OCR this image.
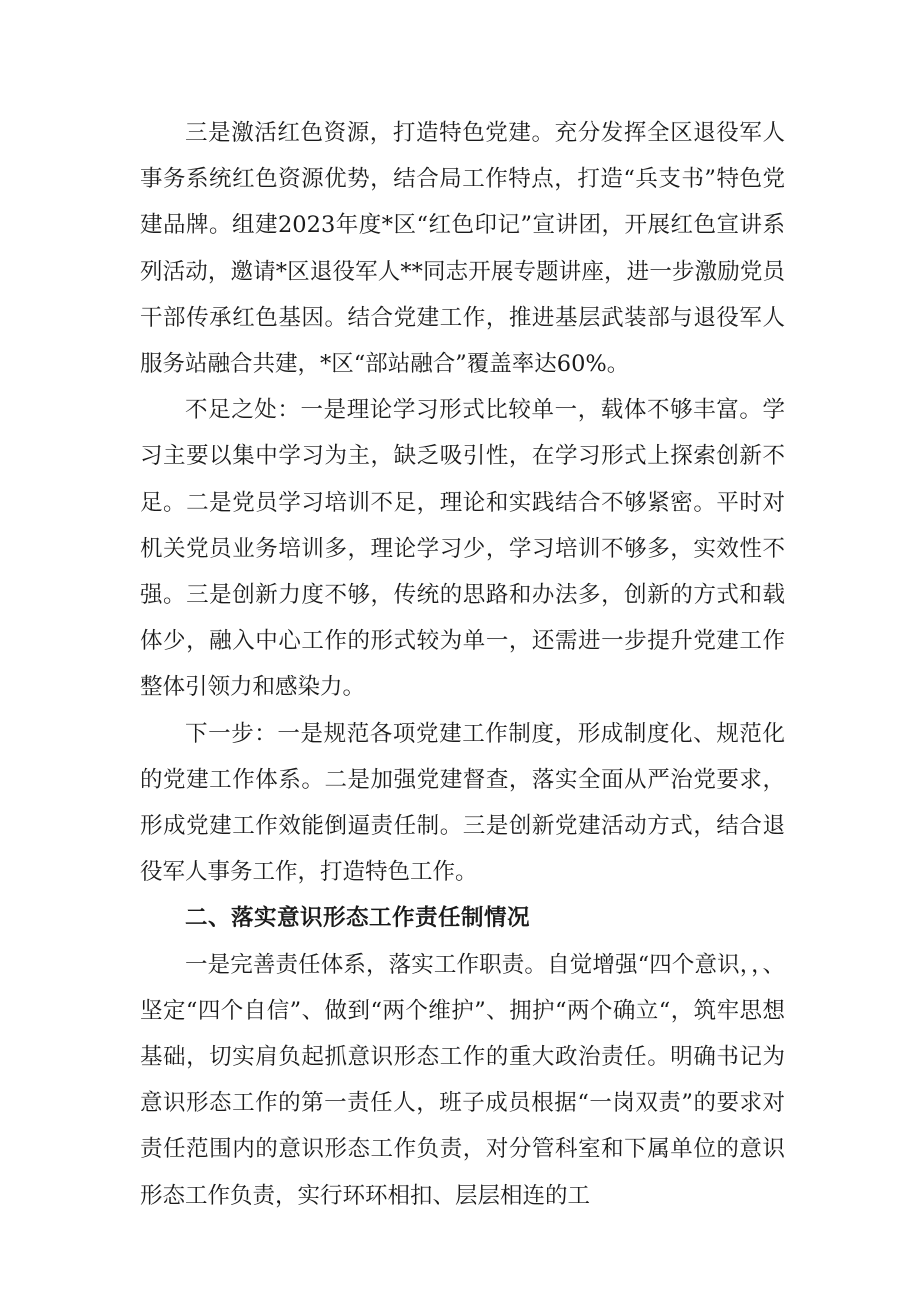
三是激活红色资源，打造特色党建。充分发挥全区退役军人事务系统红色资源优势，结合局工作特点，打造“兵支书”特色党建品牌。组建2023年度*区“红色印记”宣讲团，开展红色宣讲系列活动，邀请*区退役军人**同志开展专题讲座，进一步激励党员干部传承红色基因。结合党建工作，推进基层武装部与退役军人服务站融合共建，*区“部站融合”覆盖率达60%。

不足之处：一是理论学习形式比较单一，载体不够丰富。学习主要以集中学习为主，缺乏吸引性，在学习形式上探索创新不足。二是党员学习培训不足，理论和实践结合不够紧密。平时对机关党员业务培训多，理论学习少，学习培训不够多，实效性不强。三是创新力度不够，传统的思路和办法多，创新的方式和载体少，融入中心工作的形式较为单一，还需进一步提升党建工作整体引领力和感染力。

下一步：一是规范各项党建工作制度，形成制度化、规范化的党建工作体系。二是加强党建督查，落实全面从严治党要求，形成党建工作效能倒逼责任制。三是创新党建活动方式，结合退役军人事务工作，打造特色工作。

二、落实意识形态工作责任制情况

一是完善责任体系，落实工作职责。自觉增强“四个意识，，、坚定“四个自信”、做到“两个维护”、拥护“两个确立“，筑牢思想基础，切实肩负起抓意识形态工作的重大政治责任。明确书记为意识形态工作的第一责任人，班子成员根据“一岗双责”的要求对责任范围内的意识形态工作负责，对分管科室和下属单位的意识形态工作负责，实行环环相扣、层层相连的工
